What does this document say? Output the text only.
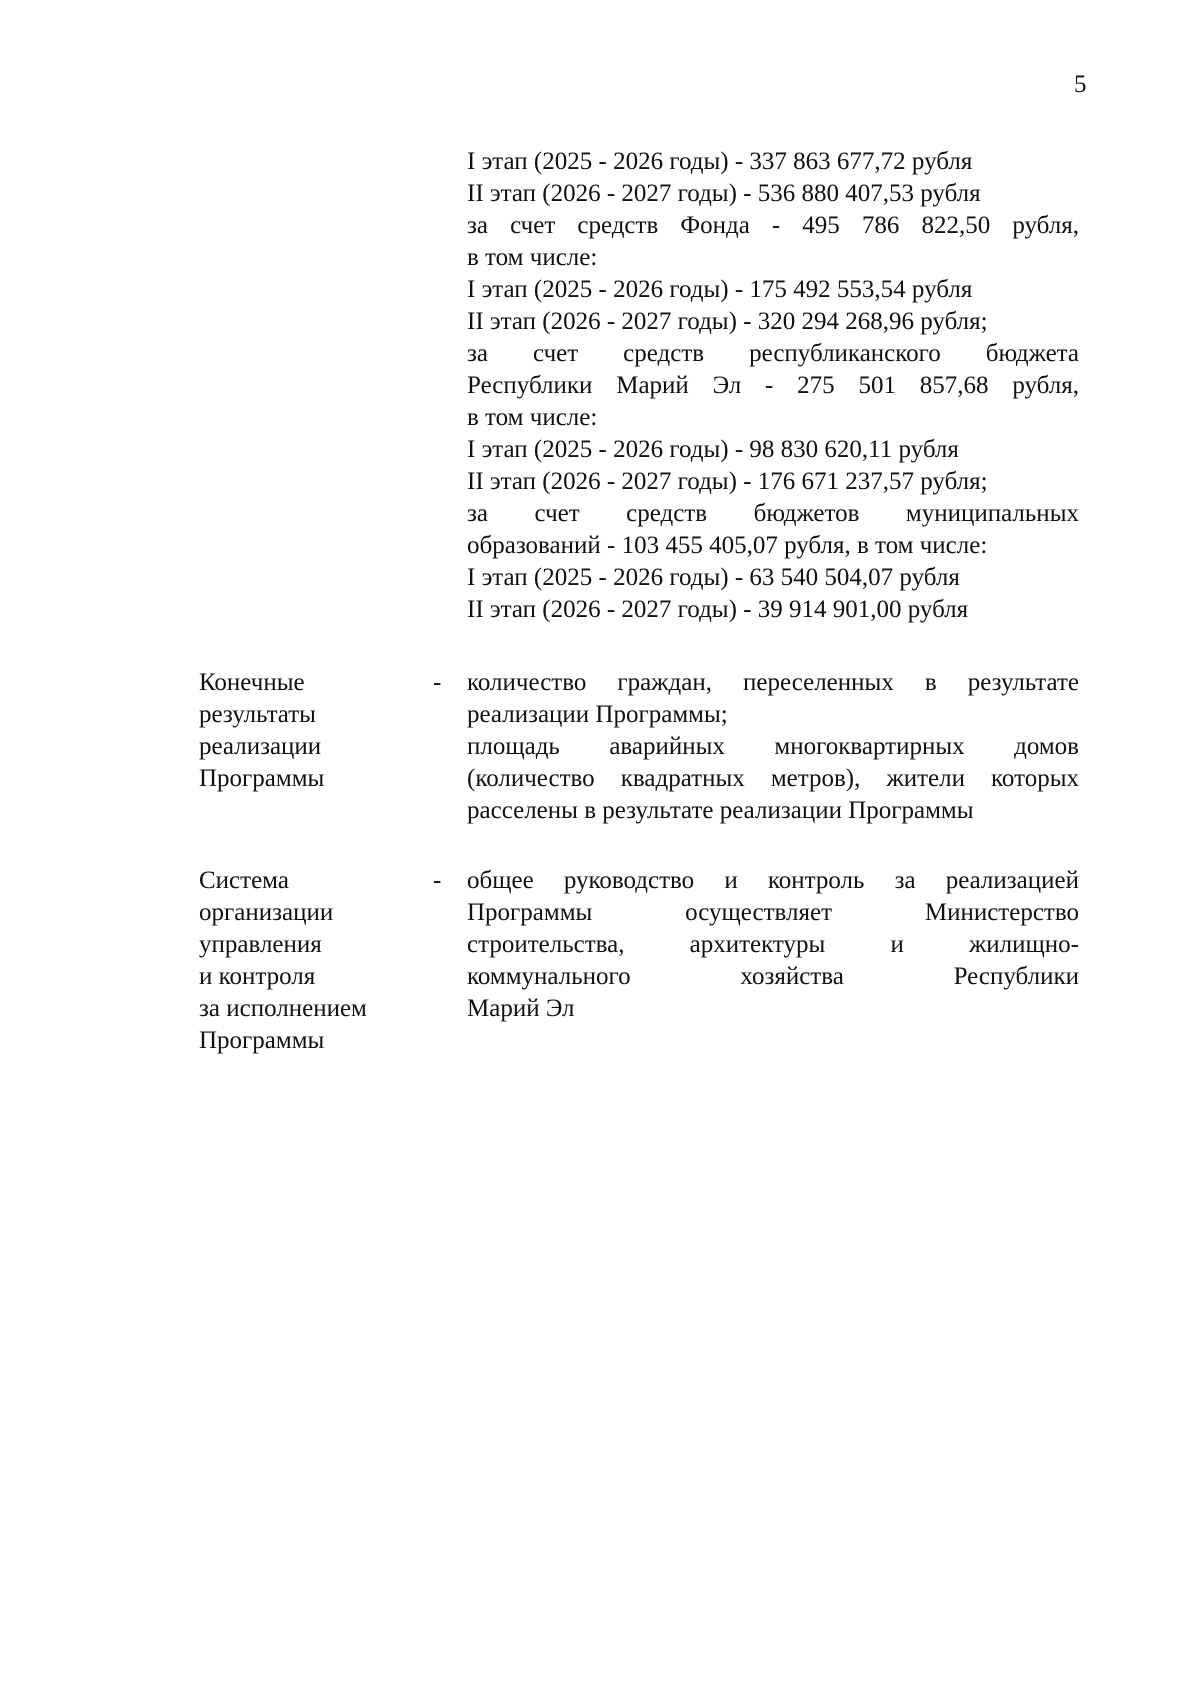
5
I этап (2025 - 2026 годы) - 337 863 677,72 рубля
II этап (2026 - 2027 годы) - 536 880 407,53 рубля
за счет средств Фонда - 495 786 822,50 рубля,
в том числе:
I этап (2025 - 2026 годы) - 175 492 553,54 рубля
II этап (2026 - 2027 годы) - 320 294 268,96 рубля;
за счет средств республиканского бюджета
Республики Марий Эл - 275 501 857,68 рубля,
в том числе:
I этап (2025 - 2026 годы) - 98 830 620,11 рубля
II этап (2026 - 2027 годы) - 176 671 237,57 рубля;
за счет средств бюджетов муниципальных
образований - 103 455 405,07 рубля, в том числе:
I этап (2025 - 2026 годы) - 63 540 504,07 рубля
II этап (2026 - 2027 годы) - 39 914 901,00 рубля
Конечные
результаты
реализации
Программы
- количество граждан, переселенных в результате
реализации Программы;
площадь аварийных многоквартирных домов
(количество квадратных метров), жители которых
расселены в результате реализации Программы
Система
организации
управления
и контроля
за исполнением
Программы
- общее руководство и контроль за реализацией
Программы осуществляет Министерство
строительства, архитектуры и жилищно-
коммунального хозяйства Республики
Марий Эл
